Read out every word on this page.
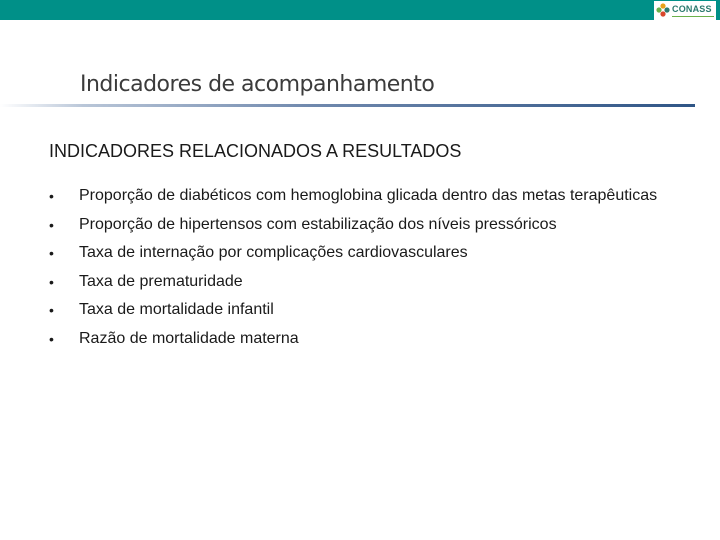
CONASS
Indicadores de acompanhamento
INDICADORES RELACIONADOS A RESULTADOS
• Proporção de diabéticos com hemoglobina glicada dentro das metas terapêuticas
• Proporção de hipertensos com estabilização dos níveis pressóricos
• Taxa de internação por complicações cardiovasculares
• Taxa de prematuridade
• Taxa de mortalidade infantil
• Razão de mortalidade materna
